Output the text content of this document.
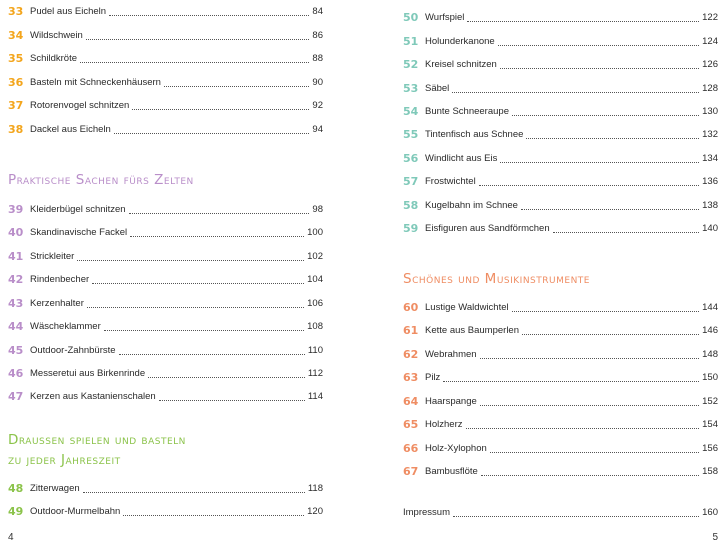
33 Pudel aus Eicheln	84
34 Wildschwein	86
35 Schildkröte	88
36 Basteln mit Schneckenhäusern	90
37 Rotorenvogel schnitzen	92
38 Dackel aus Eicheln	94
Praktische Sachen fürs Zelten
39 Kleiderbügel schnitzen	98
40 Skandinavische Fackel	100
41 Strickleiter	102
42 Rindenbecher	104
43 Kerzenhalter	106
44 Wäscheklammer	108
45 Outdoor-Zahnbürste	110
46 Messeretui aus Birkenrinde	112
47 Kerzen aus Kastanienschalen	114
Draussen spielen und basteln
zu jeder Jahreszeit
48 Zitterwagen	118
49 Outdoor-Murmelbahn	120
4
50 Wurfspiel	122
51 Holunderkanone	124
52 Kreisel schnitzen	126
53 Säbel	128
54 Bunte Schneeraupe	130
55 Tintenfisch aus Schnee	132
56 Windlicht aus Eis	134
57 Frostwichtel	136
58 Kugelbahn im Schnee	138
59 Eisfiguren aus Sandförmchen	140
Schönes und Musikinstrumente
60 Lustige Waldwichtel	144
61 Kette aus Baumperlen	146
62 Webrahmen	148
63 Pilz	150
64 Haarspange	152
65 Holzherz	154
66 Holz-Xylophon	156
67 Bambusflöte	158
Impressum	160
5
